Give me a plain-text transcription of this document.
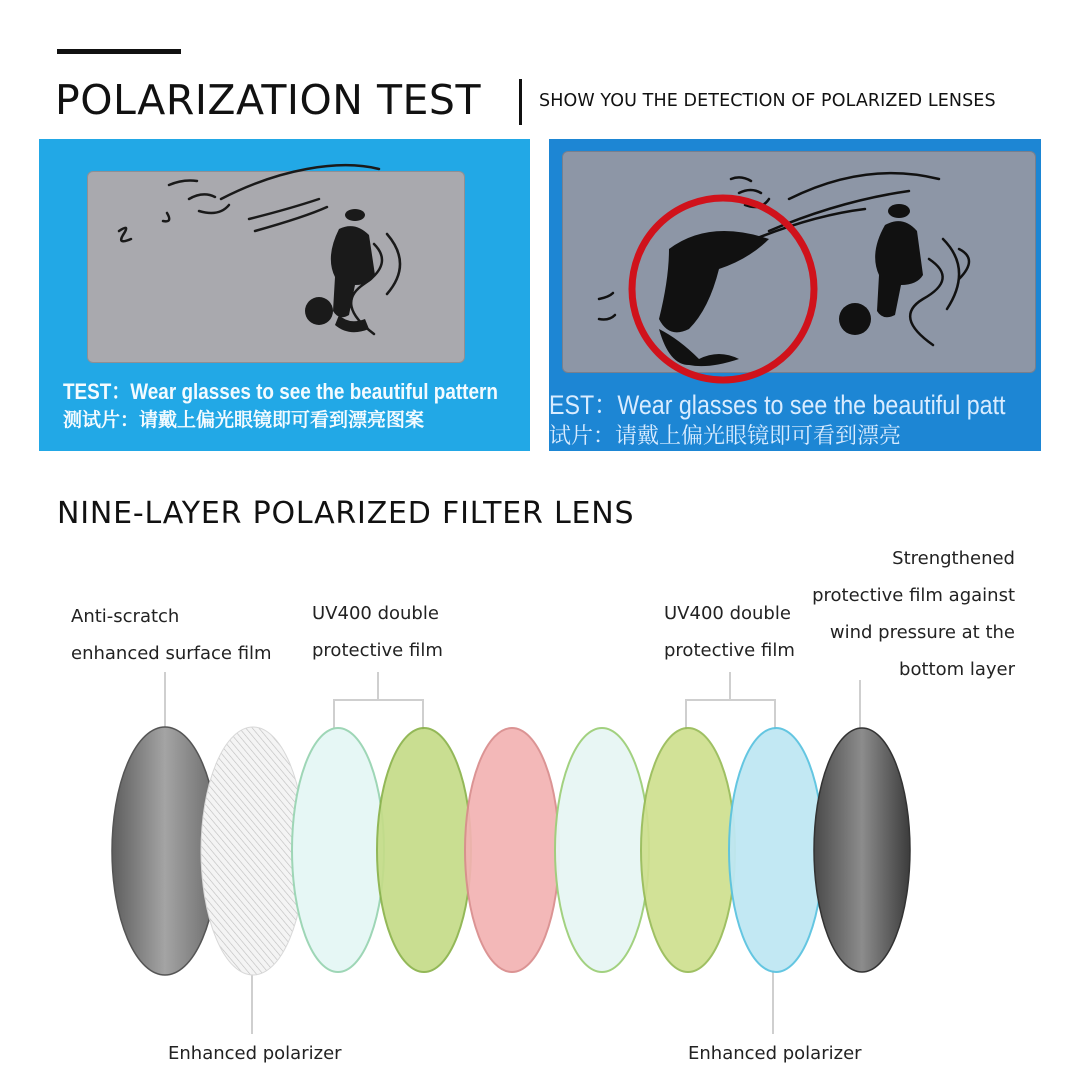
POLARIZATION TEST	SHOW YOU THE DETECTION OF POLARIZED LENSES
TEST：Wear glasses to see the beautiful pattern
测试片：请戴上偏光眼镜即可看到漂亮图案	EST：Wear glasses to see the beautiful patt
试片：请戴上偏光眼镜即可看到漂亮
NINE-LAYER POLARIZED FILTER LENS
Anti-scratch
enhanced surface film
UV400 double
protective film
UV400 double
protective film
Strengthened
protective film against
wind pressure at the
bottom layer
Enhanced polarizer	Enhanced polarizer
